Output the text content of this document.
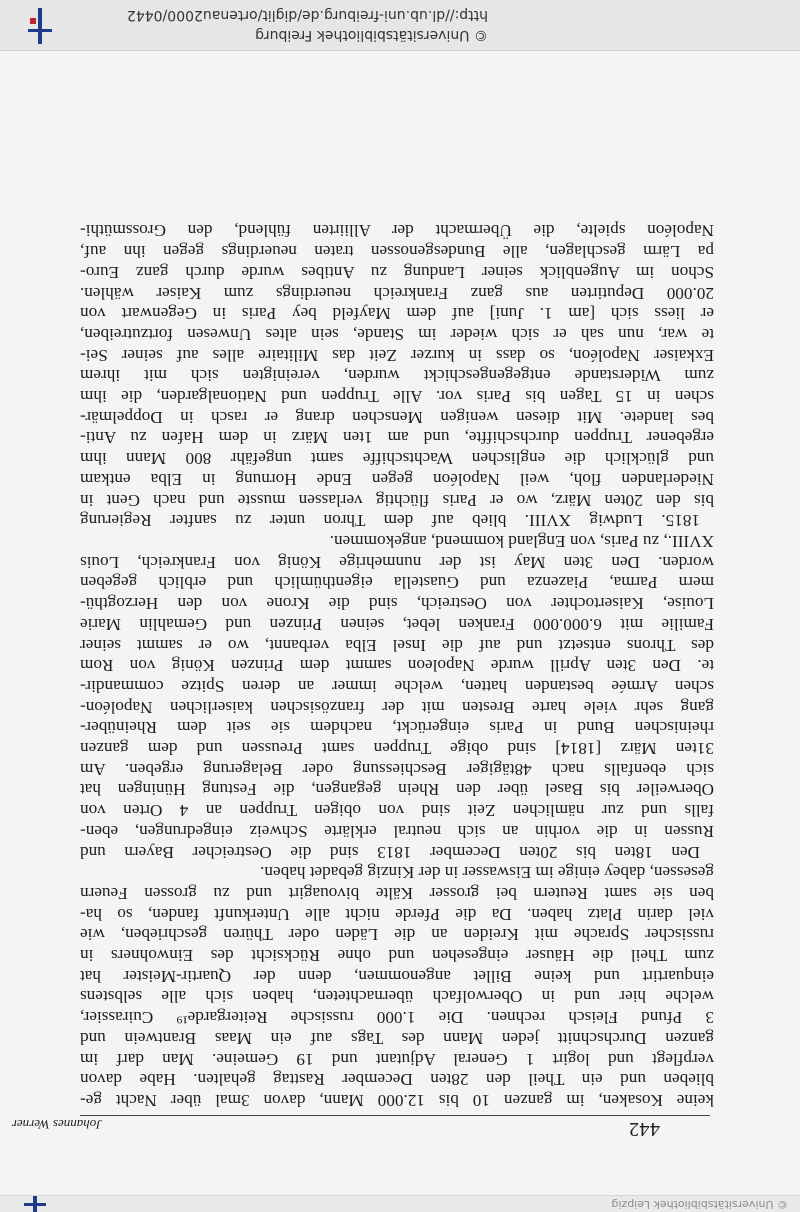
© Universitätsbibliothek Leipzig
442
Johannes Werner
keine Kosaken, im ganzen 10 bis 12.000 Mann, davon 3mal über Nacht ge-
blieben und ein Theil den 28ten December Rasttag gehalten. Habe davon
verpflegt und logirt 1 General Adjutant und 19 Gemeine. Man darf im
ganzen Durchschnitt jeden Mann des Tags auf ein Maas Brantwein und
3 Pfund Fleisch rechnen. Die 1.000 russische Reitergarde¹⁹ Cuirassier,
welche hier und in Oberwolfach übernachteten, haben sich alle selbstens
einquartirt und keine Billet angenommen, denn der Quartir-Meister hat
zum Theil die Häuser eingesehen und ohne Rücksicht des Einwohners in
russischer Sprache mit Kreiden an die Läden oder Thüren geschrieben, wie
viel darin Platz haben. Da die Pferde nicht alle Unterkunft fanden, so ha-
ben sie samt Reutern bei grosser Kälte bivouagirt und zu grossen Feuern
gesessen, dabey einige im Eiswasser in der Kinzig gebadet haben.
Den 18ten bis 20ten December 1813 sind die Oestreicher Bayern und
Russen in die vorhin an sich neutral erklärte Schweiz eingedrungen, eben-
falls und zur nämlichen Zeit sind von obigen Truppen an 4 Orten von
Oberweiler bis Basel über den Rhein gegangen, die Festung Hüningen hat
sich ebenfalls nach 48tägiger Beschiessung oder Belagerung ergeben. Am
31ten März [1814] sind obige Truppen samt Preussen und dem ganzen
rheinischen Bund in Paris eingerückt, nachdem sie seit dem Rheinüber-
gang sehr viele harte Bresten mit der französischen kaiserlichen Napoléon-
schen Armée bestanden hatten, welche immer an deren Spitze commandir-
te. Den 3ten Aprill wurde Napoleon sammt dem Prinzen König von Rom
des Throns entsetzt und auf die Insel Elba verbannt, wo er sammt seiner
Familie mit 6.000.000 Franken lebet, seinen Prinzen und Gemahlin Marie
Louise, Kaisertochter von Oestreich, sind die Krone von den Herzogthü-
mern Parma, Piazenza und Guastella eigenthümlich und erblich gegeben
worden. Den 3ten May ist der nunmehrige König von Frankreich, Louis
XVIII., zu Paris, von England kommend, angekommen.
1815. Ludwig XVIII. blieb auf dem Thron unter zu sanfter Regierung
bis den 20ten März, wo er Paris flüchtig verlassen musste und nach Gent in
Niederlanden floh, weil Napoléon gegen Ende Hornung in Elba entkam
und glücklich die englischen Wachtschiffe samt ungefähr 800 Mann ihm
ergebener Truppen durchschiffte, und am 1ten März in dem Hafen zu Anti-
bes landete. Mit diesen wenigen Menschen drang er rasch in Doppelmär-
schen in 15 Tagen bis Paris vor. Alle Truppen und Nationalgarden, die ihm
zum Widerstande entgegengeschickt wurden, vereinigten sich mit ihrem
Exkaiser Napoléon, so dass in kurzer Zeit das Militaire alles auf seiner Sei-
te war, nun sah er sich wieder im Stande, sein altes Unwesen fortzutreiben,
er liess sich [am 1. Juni] auf dem Mayfeld bey Paris in Gegenwart von
20.000 Deputirten aus ganz Frankreich neuerdings zum Kaiser wählen.
Schon im Augenblick seiner Landung zu Antibes wurde durch ganz Euro-
pa Lärm geschlagen, alle Bundesgenossen traten neuerdings gegen ihn auf,
Napoléon spielte, die Übermacht der Alliirten fühlend, den Grossmüthi-
© Universitätsbibliothek Freiburg
http://dl.ub.uni-freiburg.de/diglit/ortenau2000/0442
